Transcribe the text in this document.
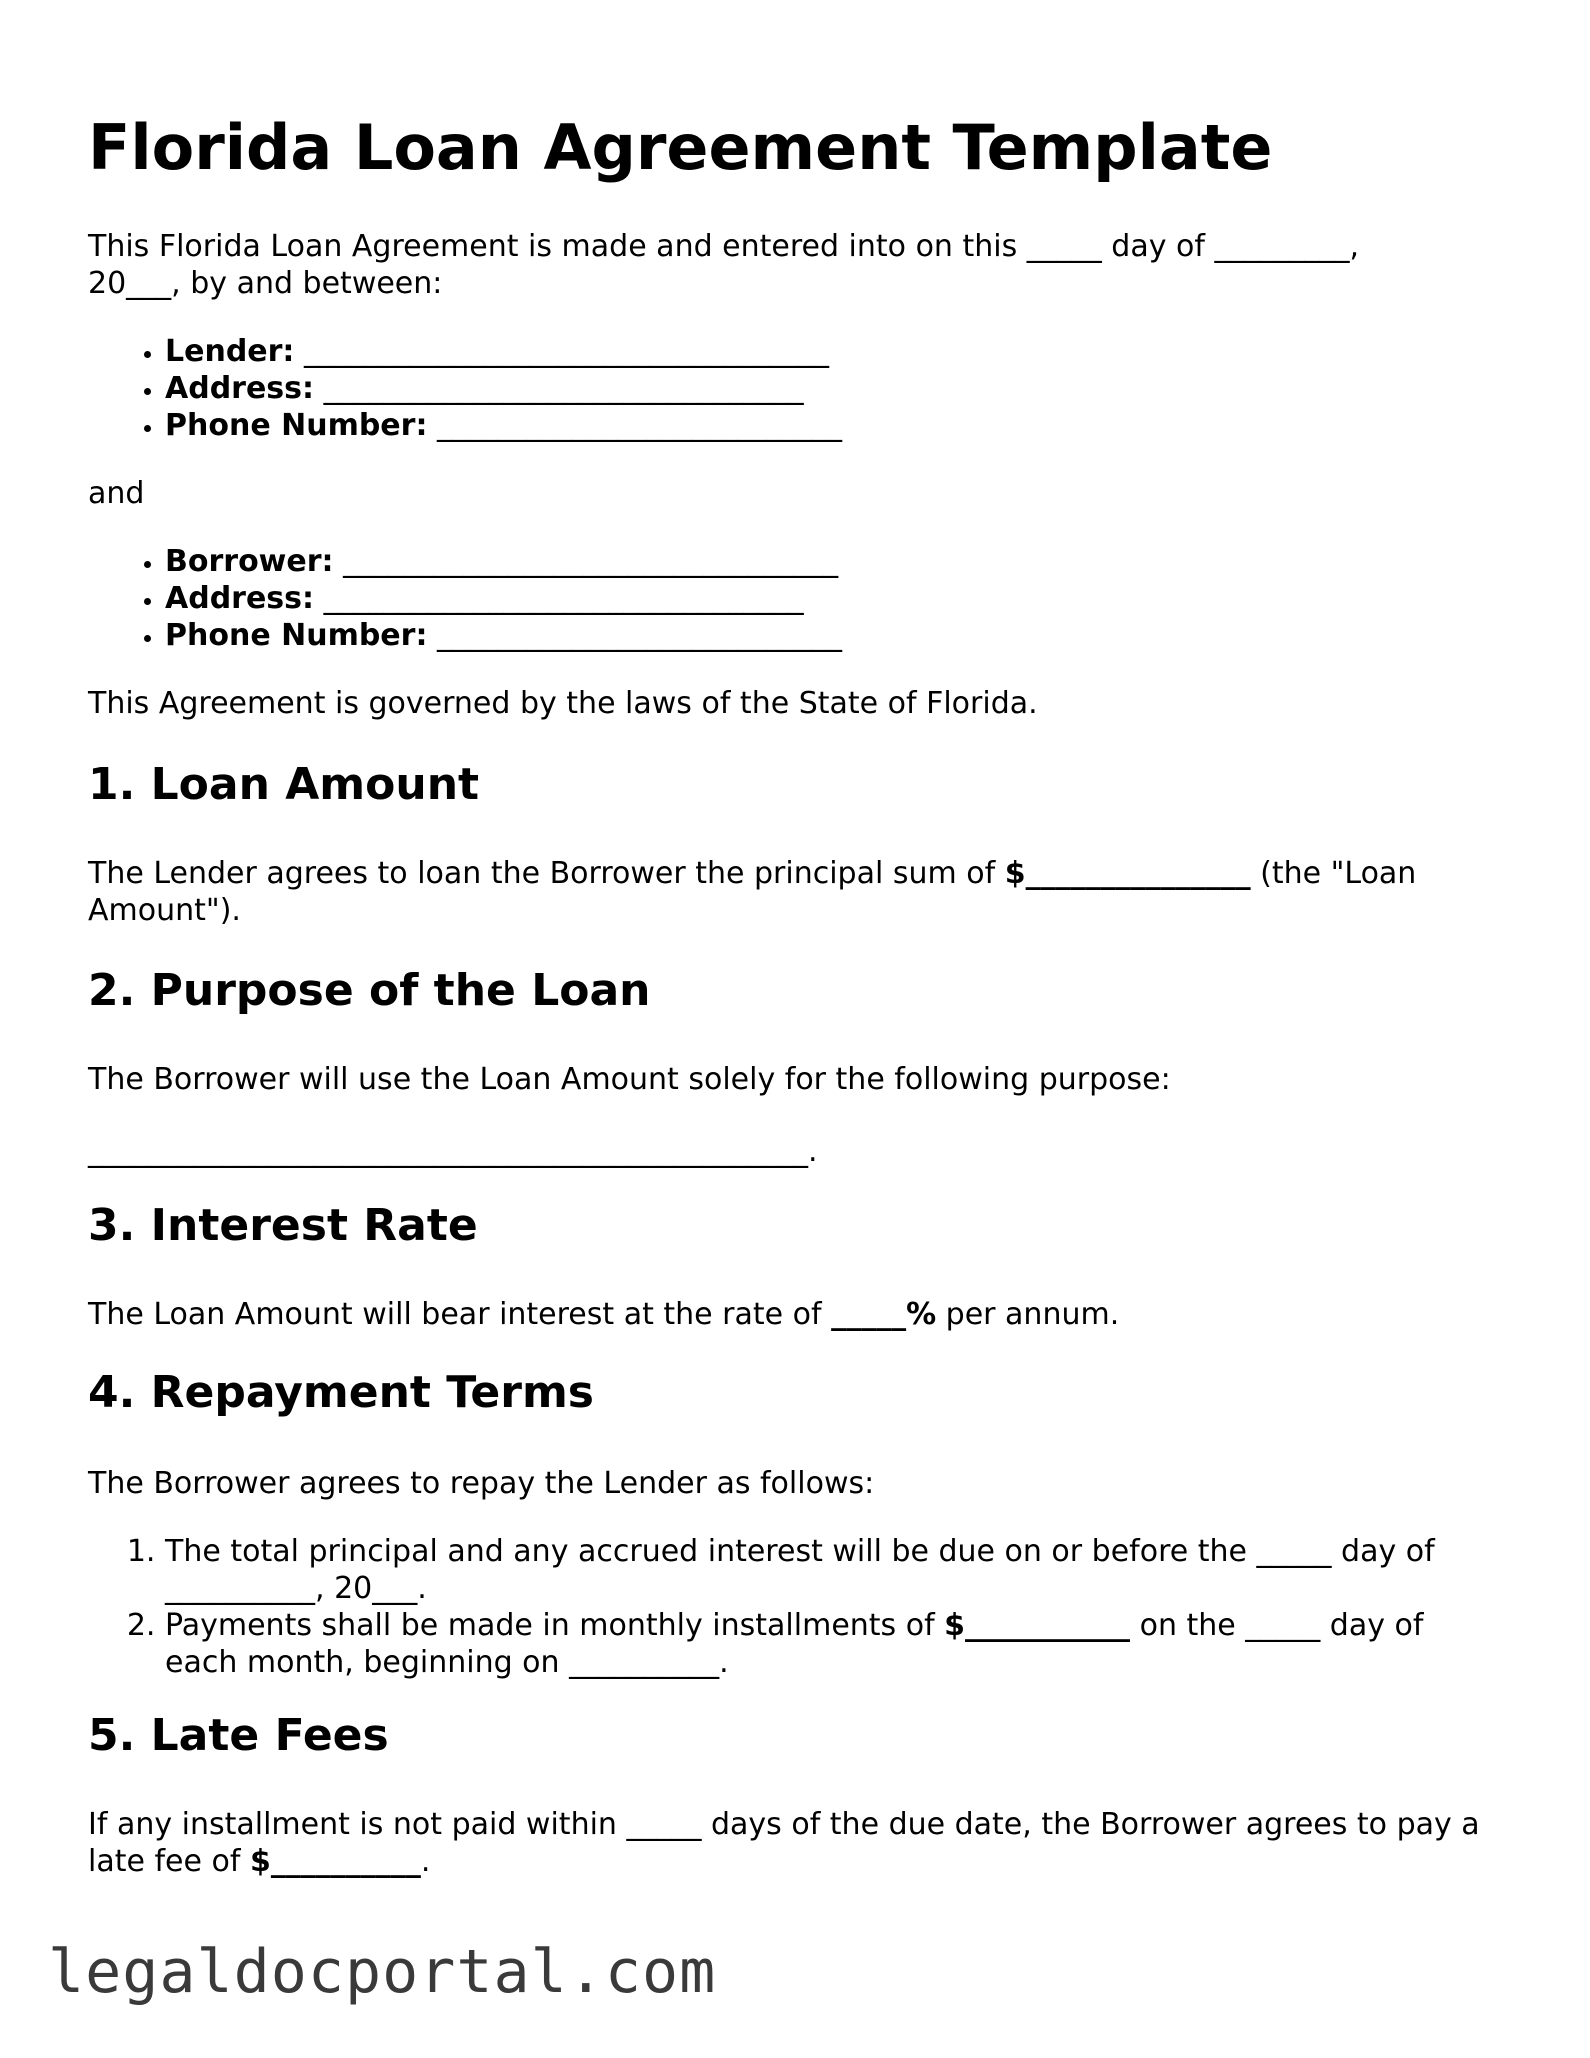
Florida Loan Agreement Template

This Florida Loan Agreement is made and entered into on this _____ day of _________,

20___, by and between:

• Lender: ___________________________________
• Address: ________________________________
• Phone Number: ___________________________

and

• Borrower: _________________________________
• Address: ________________________________
• Phone Number: ___________________________

This Agreement is governed by the laws of the State of Florida.

1. Loan Amount

The Lender agrees to loan the Borrower the principal sum of $_______________ (the "Loan Amount").

2. Purpose of the Loan

The Borrower will use the Loan Amount solely for the following purpose:

________________________________________________.

3. Interest Rate

The Loan Amount will bear interest at the rate of _____% per annum.

4. Repayment Terms

The Borrower agrees to repay the Lender as follows:

1. The total principal and any accrued interest will be due on or before the _____ day of __________, 20___.
2. Payments shall be made in monthly installments of $___________ on the _____ day of each month, beginning on __________.
5. Late Fees

If any installment is not paid within _____ days of the due date, the Borrower agrees to pay a late fee of $__________.

legaldocportal.com
